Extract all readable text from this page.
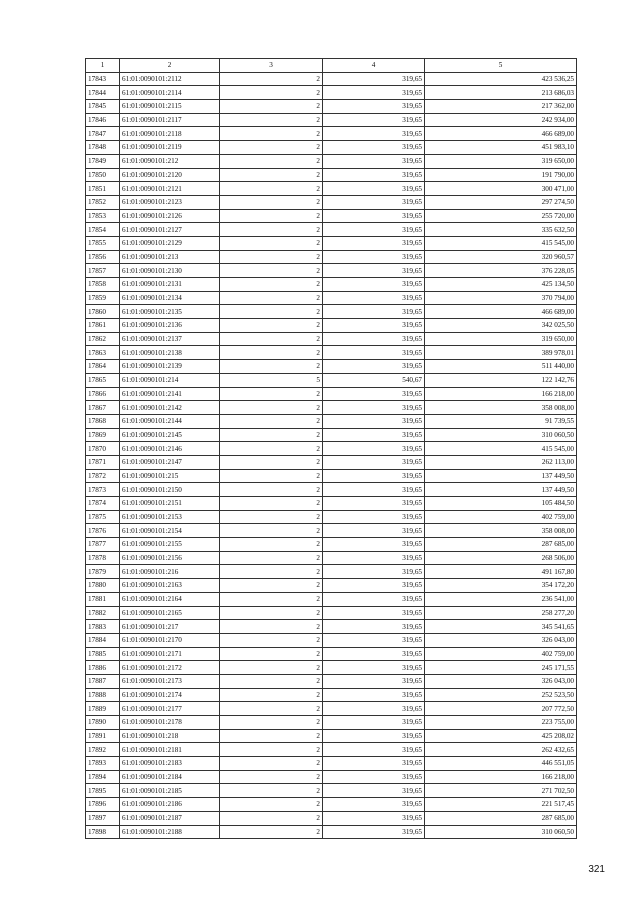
1	2	3	4	5
17843	61:01:0090101:2112	2	319,65	423 536,25
17844	61:01:0090101:2114	2	319,65	213 686,03
17845	61:01:0090101:2115	2	319,65	217 362,00
17846	61:01:0090101:2117	2	319,65	242 934,00
17847	61:01:0090101:2118	2	319,65	466 689,00
17848	61:01:0090101:2119	2	319,65	451 983,10
17849	61:01:0090101:212	2	319,65	319 650,00
17850	61:01:0090101:2120	2	319,65	191 790,00
17851	61:01:0090101:2121	2	319,65	300 471,00
17852	61:01:0090101:2123	2	319,65	297 274,50
17853	61:01:0090101:2126	2	319,65	255 720,00
17854	61:01:0090101:2127	2	319,65	335 632,50
17855	61:01:0090101:2129	2	319,65	415 545,00
17856	61:01:0090101:213	2	319,65	320 960,57
17857	61:01:0090101:2130	2	319,65	376 228,05
17858	61:01:0090101:2131	2	319,65	425 134,50
17859	61:01:0090101:2134	2	319,65	370 794,00
17860	61:01:0090101:2135	2	319,65	466 689,00
17861	61:01:0090101:2136	2	319,65	342 025,50
17862	61:01:0090101:2137	2	319,65	319 650,00
17863	61:01:0090101:2138	2	319,65	389 978,01
17864	61:01:0090101:2139	2	319,65	511 440,00
17865	61:01:0090101:214	5	540,67	122 142,76
17866	61:01:0090101:2141	2	319,65	166 218,00
17867	61:01:0090101:2142	2	319,65	358 008,00
17868	61:01:0090101:2144	2	319,65	91 739,55
17869	61:01:0090101:2145	2	319,65	310 060,50
17870	61:01:0090101:2146	2	319,65	415 545,00
17871	61:01:0090101:2147	2	319,65	262 113,00
17872	61:01:0090101:215	2	319,65	137 449,50
17873	61:01:0090101:2150	2	319,65	137 449,50
17874	61:01:0090101:2151	2	319,65	105 484,50
17875	61:01:0090101:2153	2	319,65	402 759,00
17876	61:01:0090101:2154	2	319,65	358 008,00
17877	61:01:0090101:2155	2	319,65	287 685,00
17878	61:01:0090101:2156	2	319,65	268 506,00
17879	61:01:0090101:216	2	319,65	491 167,80
17880	61:01:0090101:2163	2	319,65	354 172,20
17881	61:01:0090101:2164	2	319,65	236 541,00
17882	61:01:0090101:2165	2	319,65	258 277,20
17883	61:01:0090101:217	2	319,65	345 541,65
17884	61:01:0090101:2170	2	319,65	326 043,00
17885	61:01:0090101:2171	2	319,65	402 759,00
17886	61:01:0090101:2172	2	319,65	245 171,55
17887	61:01:0090101:2173	2	319,65	326 043,00
17888	61:01:0090101:2174	2	319,65	252 523,50
17889	61:01:0090101:2177	2	319,65	207 772,50
17890	61:01:0090101:2178	2	319,65	223 755,00
17891	61:01:0090101:218	2	319,65	425 208,02
17892	61:01:0090101:2181	2	319,65	262 432,65
17893	61:01:0090101:2183	2	319,65	446 551,05
17894	61:01:0090101:2184	2	319,65	166 218,00
17895	61:01:0090101:2185	2	319,65	271 702,50
17896	61:01:0090101:2186	2	319,65	221 517,45
17897	61:01:0090101:2187	2	319,65	287 685,00
17898	61:01:0090101:2188	2	319,65	310 060,50
321
